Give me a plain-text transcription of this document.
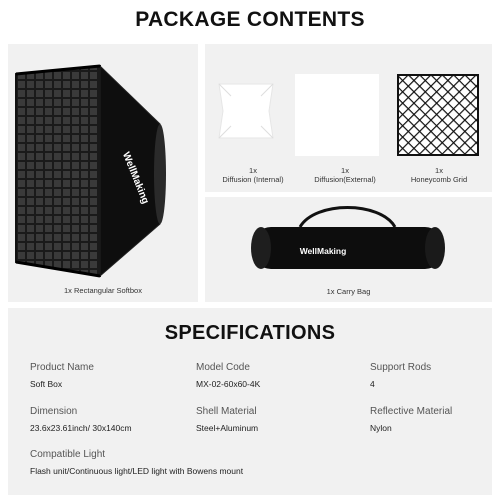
PACKAGE CONTENTS
WellMaking
1x Rectangular Softbox
1x
Diffusion (Internal)
1x
Diffusion(External)
1x
Honeycomb Grid
WellMaking
1x Carry Bag
SPECIFICATIONS
Product Name
Soft Box
Model Code
MX-02-60x60-4K
Support Rods
4
Dimension
23.6x23.61inch/ 30x140cm
Shell Material
Steel+Aluminum
Reflective Material
Nylon
Compatible Light
Flash unit/Continuous light/LED light with Bowens mount
